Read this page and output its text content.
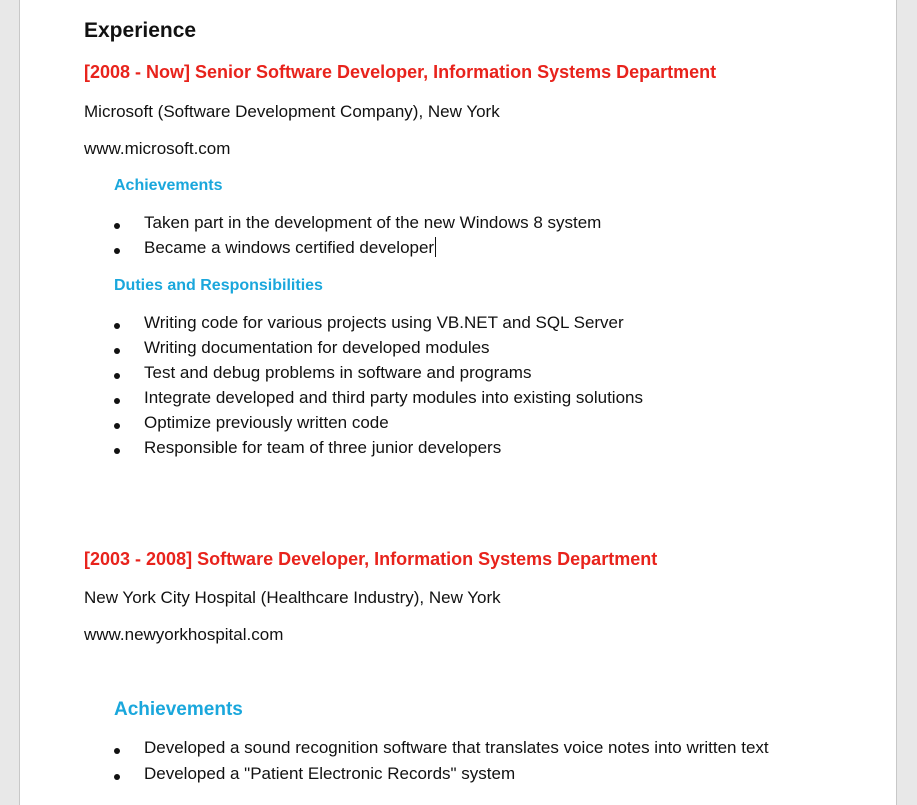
Experience
[2008 - Now] Senior Software Developer, Information Systems Department
Microsoft (Software Development Company), New York
www.microsoft.com
Achievements
Taken part in the development of the new Windows 8 system
Became a windows certified developer
Duties and Responsibilities
Writing code for various projects using VB.NET and SQL Server
Writing documentation for developed modules
Test and debug problems in software and programs
Integrate developed and third party modules into existing solutions
Optimize previously written code
Responsible for team of three junior developers
[2003 - 2008] Software Developer, Information Systems Department
New York City Hospital (Healthcare Industry), New York
www.newyorkhospital.com
Achievements
Developed a sound recognition software that translates voice notes into written text
Developed a "Patient Electronic Records" system
